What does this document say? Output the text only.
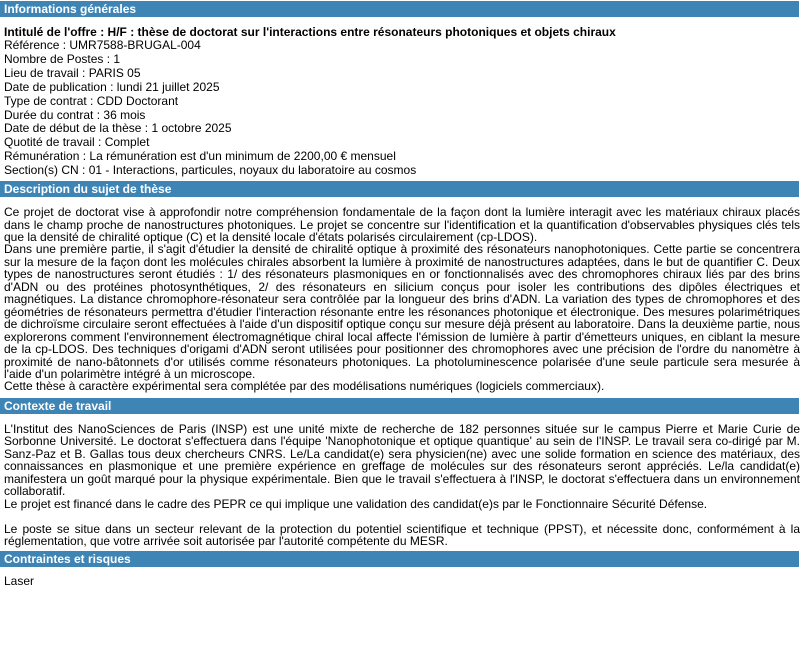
Informations générales
Intitulé de l'offre : H/F : thèse de doctorat sur l'interactions entre résonateurs photoniques et objets chiraux
Référence : UMR7588-BRUGAL-004
Nombre de Postes : 1
Lieu de travail : PARIS 05
Date de publication : lundi 21 juillet 2025
Type de contrat : CDD Doctorant
Durée du contrat : 36 mois
Date de début de la thèse : 1 octobre 2025
Quotité de travail : Complet
Rémunération : La rémunération est d'un minimum de 2200,00 € mensuel
Section(s) CN : 01 - Interactions, particules, noyaux du laboratoire au cosmos
Description du sujet de thèse
Ce projet de doctorat vise à approfondir notre compréhension fondamentale de la façon dont la lumière interagit avec les matériaux chiraux placés dans le champ proche de nanostructures photoniques. Le projet se concentre sur l'identification et la quantification d'observables physiques clés tels que la densité de chiralité optique (C) et la densité locale d'états polarisés circulairement (cp-LDOS).
Dans une première partie, il s'agit d'étudier la densité de chiralité optique à proximité des résonateurs nanophotoniques. Cette partie se concentrera sur la mesure de la façon dont les molécules chirales absorbent la lumière à proximité de nanostructures adaptées, dans le but de quantifier C. Deux types de nanostructures seront étudiés : 1/ des résonateurs plasmoniques en or fonctionnalisés avec des chromophores chiraux liés par des brins d'ADN ou des protéines photosynthétiques, 2/ des résonateurs en silicium conçus pour isoler les contributions des dipôles électriques et magnétiques. La distance chromophore-résonateur sera contrôlée par la longueur des brins d'ADN. La variation des types de chromophores et des géométries de résonateurs permettra d'étudier l'interaction résonante entre les résonances photonique et électronique. Des mesures polarimétriques de dichroïsme circulaire seront effectuées à l'aide d'un dispositif optique conçu sur mesure déjà présent au laboratoire. Dans la deuxième partie, nous explorerons comment l'environnement électromagnétique chiral local affecte l'émission de lumière à partir d'émetteurs uniques, en ciblant la mesure de la cp-LDOS. Des techniques d'origami d'ADN seront utilisées pour positionner des chromophores avec une précision de l'ordre du nanomètre à proximité de nano-bâtonnets d'or utilisés comme résonateurs photoniques. La photoluminescence polarisée d'une seule particule sera mesurée à l'aide d'un polarimètre intégré à un microscope.
Cette thèse à caractère expérimental sera complétée par des modélisations numériques (logiciels commerciaux).
Contexte de travail
L'Institut des NanoSciences de Paris (INSP) est une unité mixte de recherche de 182 personnes située sur le campus Pierre et Marie Curie de Sorbonne Université. Le doctorat s'effectuera dans l'équipe 'Nanophotonique et optique quantique' au sein de l'INSP. Le travail sera co-dirigé par M. Sanz-Paz et B. Gallas tous deux chercheurs CNRS. Le/La candidat(e) sera physicien(ne) avec une solide formation en science des matériaux, des connaissances en plasmonique et une première expérience en greffage de molécules sur des résonateurs seront appréciés. Le/la candidat(e) manifestera un goût marqué pour la physique expérimentale. Bien que le travail s'effectuera à l'INSP, le doctorat s'effectuera dans un environnement collaboratif.
Le projet est financé dans le cadre des PEPR ce qui implique une validation des candidat(e)s par le Fonctionnaire Sécurité Défense.
Le poste se situe dans un secteur relevant de la protection du potentiel scientifique et technique (PPST), et nécessite donc, conformément à la réglementation, que votre arrivée soit autorisée par l'autorité compétente du MESR.
Contraintes et risques
Laser
